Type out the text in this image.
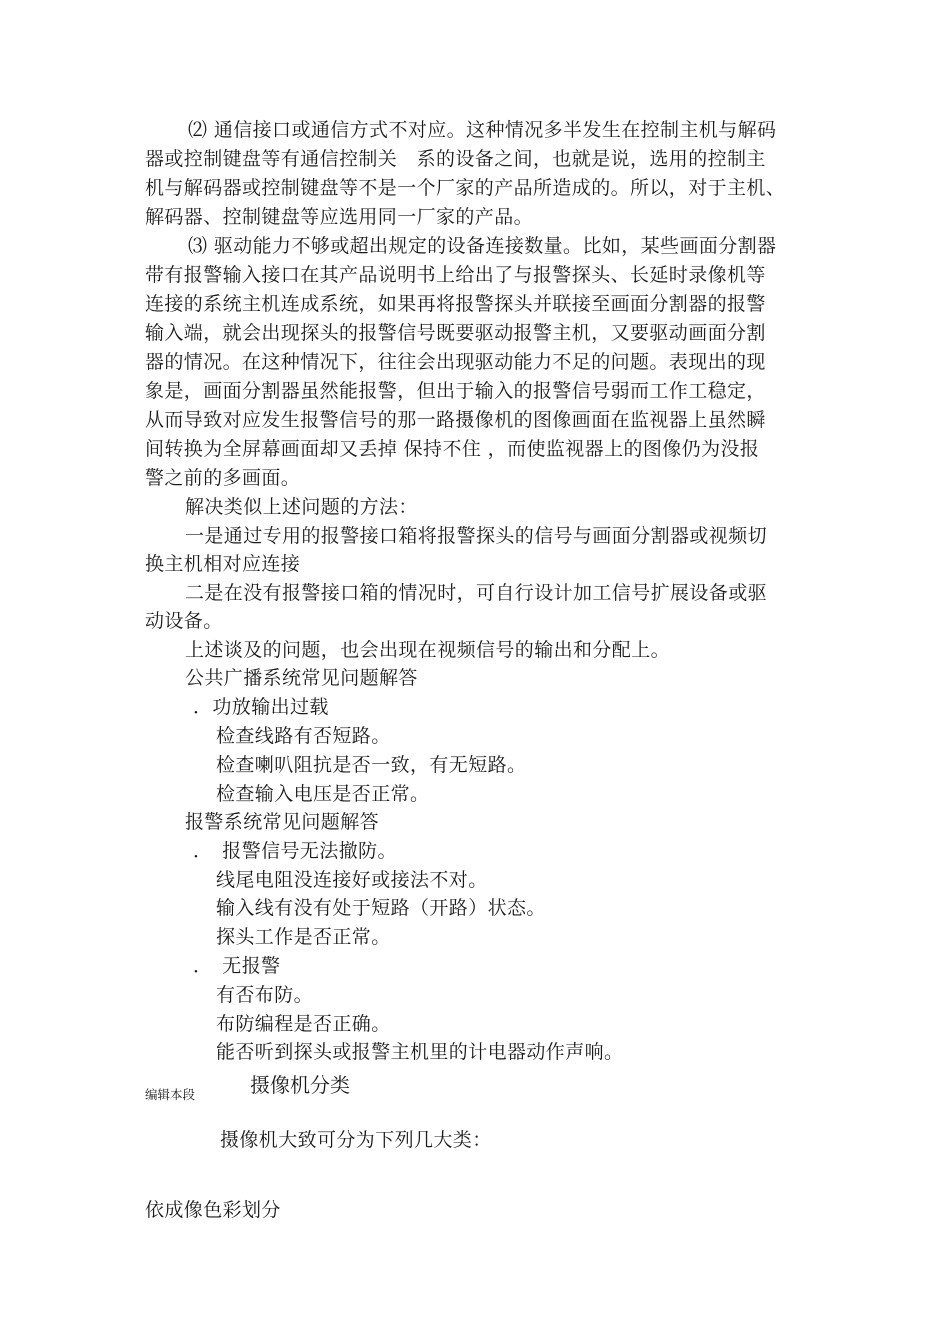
⑵ 通信接口或通信方式不对应。这种情况多半发生在控制主机与解码

器或控制键盘等有通信控制关　系的设备之间，也就是说，选用的控制主

机与解码器或控制键盘等不是一个厂家的产品所造成的。所以，对于主机、

解码器、控制键盘等应选用同一厂家的产品。

⑶ 驱动能力不够或超出规定的设备连接数量。比如，某些画面分割器

带有报警输入接口在其产品说明书上给出了与报警探头、长延时录像机等

连接的系统主机连成系统，如果再将报警探头并联接至画面分割器的报警

输入端，就会出现探头的报警信号既要驱动报警主机，又要驱动画面分割

器的情况。在这种情况下，往往会出现驱动能力不足的问题。表现出的现

象是，画面分割器虽然能报警，但出于输入的报警信号弱而工作工稳定，

从而导致对应发生报警信号的那一路摄像机的图像画面在监视器上虽然瞬

间转换为全屏幕画面却又丢掉 保持不住 ，而使监视器上的图像仍为没报

警之前的多画面。

解决类似上述问题的方法：

一是通过专用的报警接口箱将报警探头的信号与画面分割器或视频切

换主机相对应连接

二是在没有报警接口箱的情况时，可自行设计加工信号扩展设备或驱

动设备。

上述谈及的问题，也会出现在视频信号的输出和分配上。

公共广播系统常见问题解答

．功放输出过载

检查线路有否短路。

检查喇叭阻抗是否一致，有无短路。

检查输入电压是否正常。

报警系统常见问题解答

．　报警信号无法撤防。

线尾电阻没连接好或接法不对。

输入线有没有处于短路（开路）状态。

探头工作是否正常。

．　无报警

有否布防。

布防编程是否正确。

能否听到探头或报警主机里的计电器动作声响。

编辑本段	摄像机分类

摄像机大致可分为下列几大类：

依成像色彩划分
